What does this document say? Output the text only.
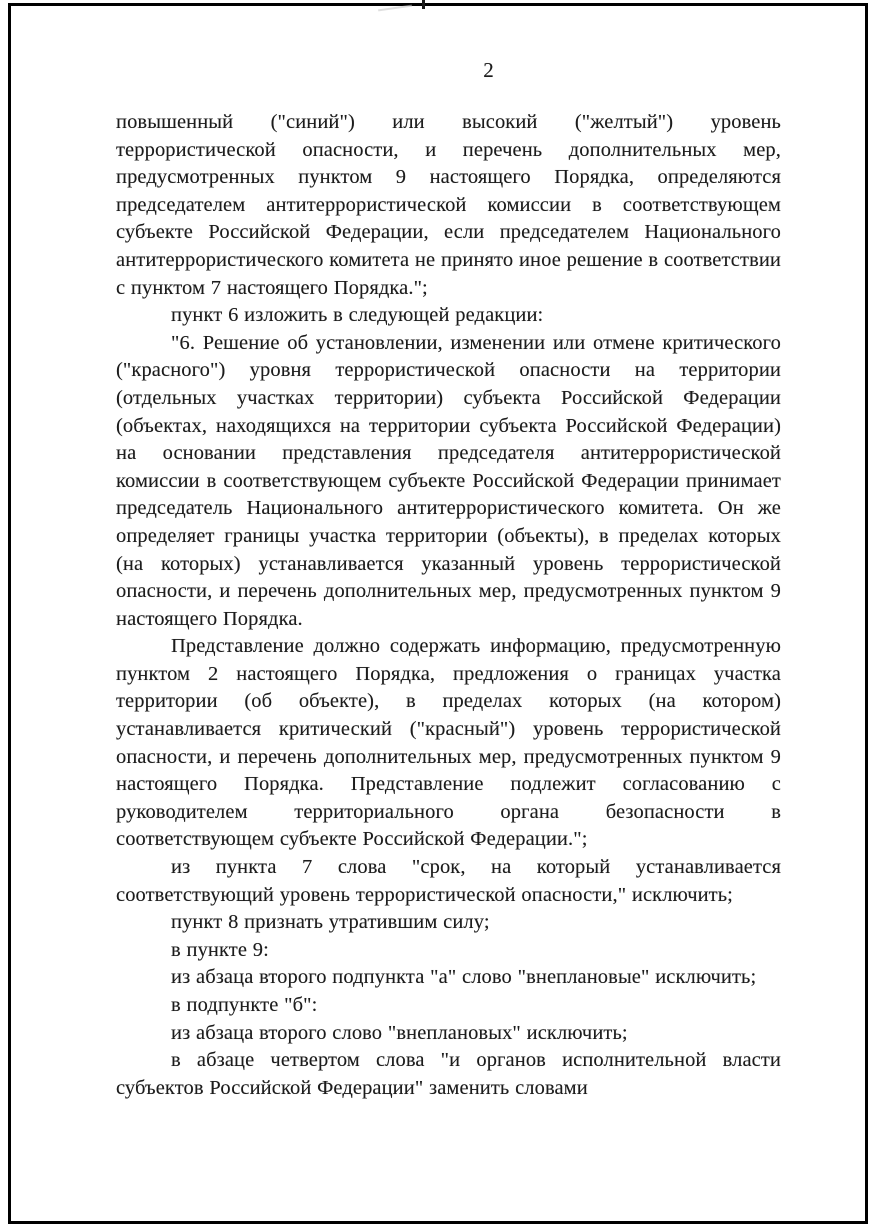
2

повышенный ("синий") или высокий ("желтый") уровень террористической опасности, и перечень дополнительных мер, предусмотренных пунктом 9 настоящего Порядка, определяются председателем антитеррористической комиссии в соответствующем субъекте Российской Федерации, если председателем Национального антитеррористического комитета не принято иное решение в соответствии с пунктом 7 настоящего Порядка.";

пункт 6 изложить в следующей редакции:

"6. Решение об установлении, изменении или отмене критического ("красного") уровня террористической опасности на территории (отдельных участках территории) субъекта Российской Федерации (объектах, находящихся на территории субъекта Российской Федерации) на основании представления председателя антитеррористической комиссии в соответствующем субъекте Российской Федерации принимает председатель Национального антитеррористического комитета. Он же определяет границы участка территории (объекты), в пределах которых (на которых) устанавливается указанный уровень террористической опасности, и перечень дополнительных мер, предусмотренных пунктом 9 настоящего Порядка.

Представление должно содержать информацию, предусмотренную пунктом 2 настоящего Порядка, предложения о границах участка территории (об объекте), в пределах которых (на котором) устанавливается критический ("красный") уровень террористической опасности, и перечень дополнительных мер, предусмотренных пунктом 9 настоящего Порядка. Представление подлежит согласованию с руководителем территориального органа безопасности в соответствующем субъекте Российской Федерации.";

из пункта 7 слова "срок, на который устанавливается соответствующий уровень террористической опасности," исключить;

пункт 8 признать утратившим силу;

в пункте 9:

из абзаца второго подпункта "а" слово "внеплановые" исключить;

в подпункте "б":

из абзаца второго слово "внеплановых" исключить;

в абзаце четвертом слова "и органов исполнительной власти субъектов Российской Федерации" заменить словами
